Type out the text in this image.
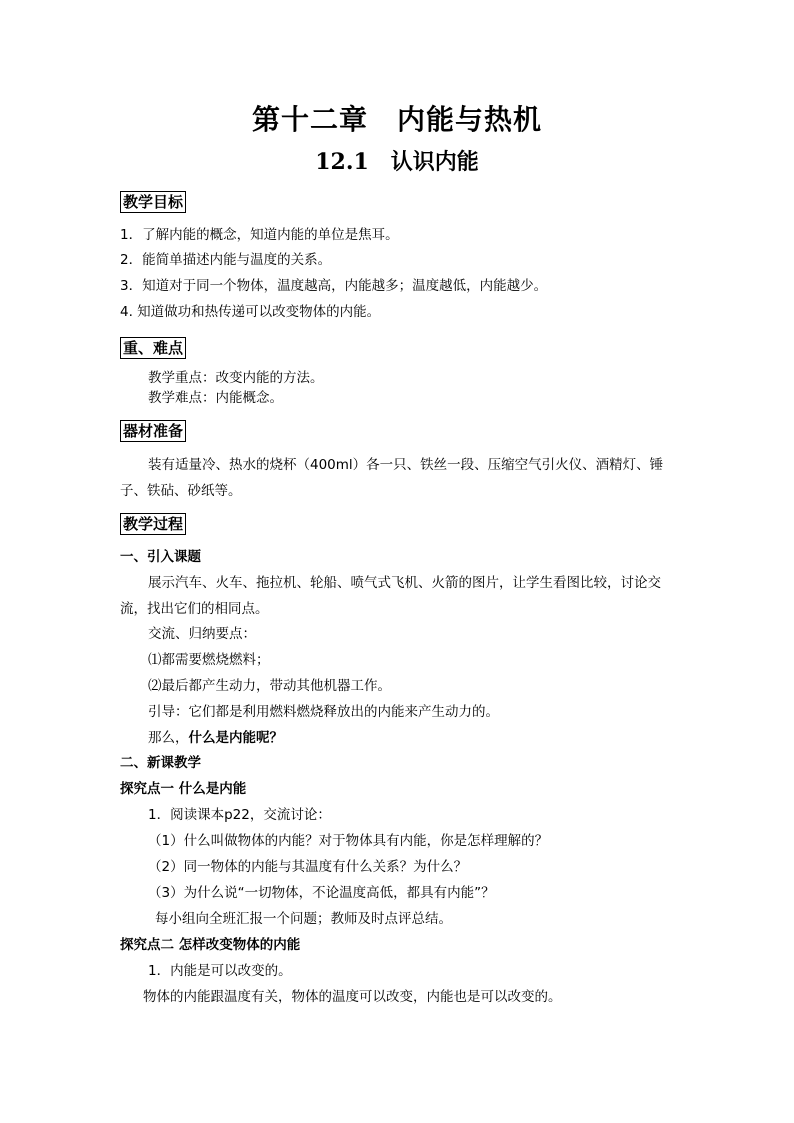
第十二章　内能与热机
12.1　认识内能
教学目标
1．了解内能的概念，知道内能的单位是焦耳。
2．能简单描述内能与温度的关系。
3．知道对于同一个物体，温度越高，内能越多；温度越低，内能越少。
4. 知道做功和热传递可以改变物体的内能。
重、难点
教学重点：改变内能的方法。
教学难点：内能概念。
器材准备
装有适量冷、热水的烧杯（400ml）各一只、铁丝一段、压缩空气引火仪、酒精灯、锤
子、铁砧、砂纸等。
教学过程
一、引入课题
展示汽车、火车、拖拉机、轮船、喷气式飞机、火箭的图片，让学生看图比较，讨论交
流，找出它们的相同点。
交流、归纳要点：
⑴都需要燃烧燃料；
⑵最后都产生动力，带动其他机器工作。
引导：它们都是利用燃料燃烧释放出的内能来产生动力的。
那么，什么是内能呢？
二、新课教学
探究点一 什么是内能
1．阅读课本p22，交流讨论：
（1）什么叫做物体的内能？对于物体具有内能，你是怎样理解的？
（2）同一物体的内能与其温度有什么关系？为什么？
（3）为什么说“一切物体，不论温度高低，都具有内能”？
每小组向全班汇报一个问题；教师及时点评总结。
探究点二 怎样改变物体的内能
1．内能是可以改变的。
物体的内能跟温度有关，物体的温度可以改变，内能也是可以改变的。
